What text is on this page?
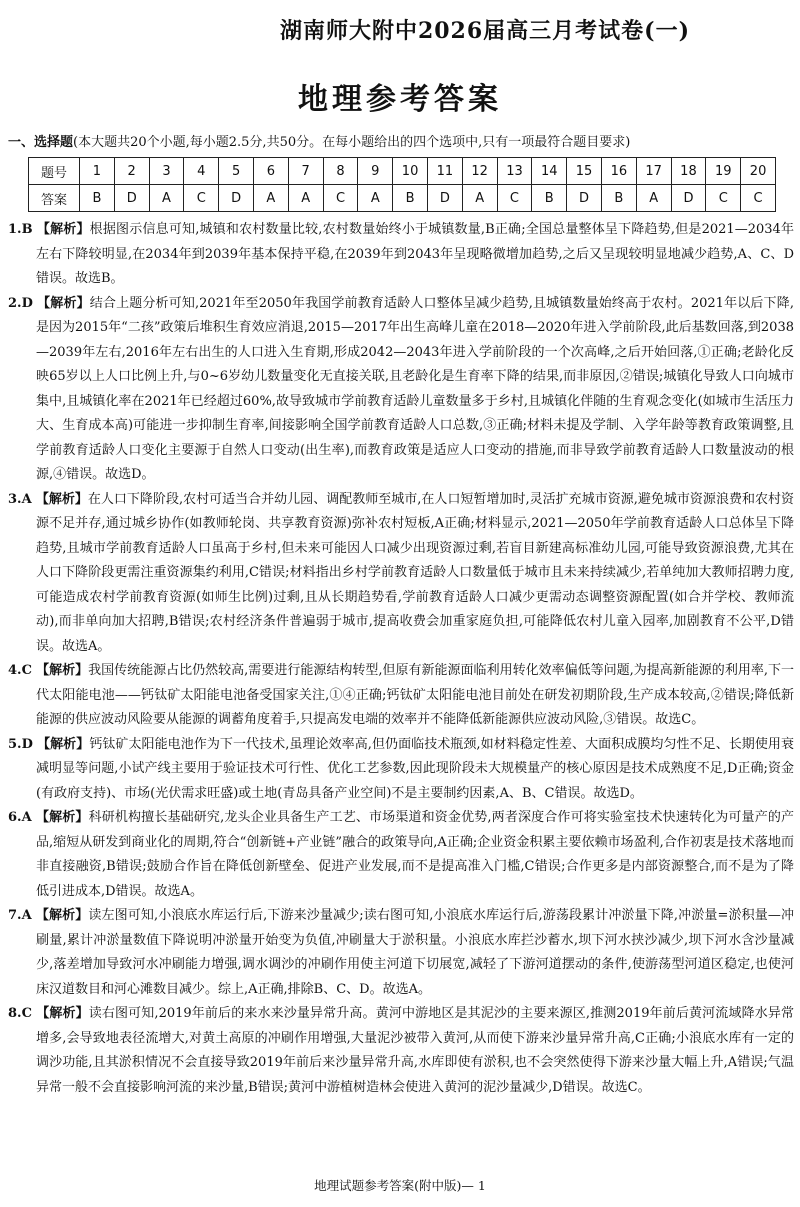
湖南师大附中2026届高三月考试卷(一)
地理参考答案
一、选择题(本大题共20个小题,每小题2.5分,共50分。在每小题给出的四个选项中,只有一项最符合题目要求)
题号	1	2	3	4	5	6	7	8	9	10	11	12	13	14	15	16	17	18	19	20
答案	B	D	A	C	D	A	A	C	A	B	D	A	C	B	D	B	A	D	C	C

1.B 【解析】根据图示信息可知,城镇和农村数量比较,农村数量始终小于城镇数量,B正确;全国总量整体呈下降趋势,但是2021—2034年左右下降较明显,在2034年到2039年基本保持平稳,在2039年到2043年呈现略微增加趋势,之后又呈现较明显地减少趋势,A、C、D错误。故选B。

2.D 【解析】结合上题分析可知,2021年至2050年我国学前教育适龄人口整体呈减少趋势,且城镇数量始终高于农村。2021年以后下降,是因为2015年“二孩”政策后堆积生育效应消退,2015—2017年出生高峰儿童在2018—2020年进入学前阶段,此后基数回落,到2038—2039年左右,2016年左右出生的人口进入生育期,形成2042—2043年进入学前阶段的一个次高峰,之后开始回落,①正确;老龄化反映65岁以上人口比例上升,与0~6岁幼儿数量变化无直接关联,且老龄化是生育率下降的结果,而非原因,②错误;城镇化导致人口向城市集中,且城镇化率在2021年已经超过60%,故导致城市学前教育适龄儿童数量多于乡村,且城镇化伴随的生育观念变化(如城市生活压力大、生育成本高)可能进一步抑制生育率,间接影响全国学前教育适龄人口总数,③正确;材料未提及学制、入学年龄等教育政策调整,且学前教育适龄人口变化主要源于自然人口变动(出生率),而教育政策是适应人口变动的措施,而非导致学前教育适龄人口数量波动的根源,④错误。故选D。

3.A 【解析】在人口下降阶段,农村可适当合并幼儿园、调配教师至城市,在人口短暂增加时,灵活扩充城市资源,避免城市资源浪费和农村资源不足并存,通过城乡协作(如教师轮岗、共享教育资源)弥补农村短板,A正确;材料显示,2021—2050年学前教育适龄人口总体呈下降趋势,且城市学前教育适龄人口虽高于乡村,但未来可能因人口减少出现资源过剩,若盲目新建高标准幼儿园,可能导致资源浪费,尤其在人口下降阶段更需注重资源集约利用,C错误;材料指出乡村学前教育适龄人口数量低于城市且未来持续减少,若单纯加大教师招聘力度,可能造成农村学前教育资源(如师生比例)过剩,且从长期趋势看,学前教育适龄人口减少更需动态调整资源配置(如合并学校、教师流动),而非单向加大招聘,B错误;农村经济条件普遍弱于城市,提高收费会加重家庭负担,可能降低农村儿童入园率,加剧教育不公平,D错误。故选A。

4.C 【解析】我国传统能源占比仍然较高,需要进行能源结构转型,但原有新能源面临利用转化效率偏低等问题,为提高新能源的利用率,下一代太阳能电池——钙钛矿太阳能电池备受国家关注,①④正确;钙钛矿太阳能电池目前处在研发初期阶段,生产成本较高,②错误;降低新能源的供应波动风险要从能源的调蓄角度着手,只提高发电端的效率并不能降低新能源供应波动风险,③错误。故选C。

5.D 【解析】钙钛矿太阳能电池作为下一代技术,虽理论效率高,但仍面临技术瓶颈,如材料稳定性差、大面积成膜均匀性不足、长期使用衰减明显等问题,小试产线主要用于验证技术可行性、优化工艺参数,因此现阶段未大规模量产的核心原因是技术成熟度不足,D正确;资金(有政府支持)、市场(光伏需求旺盛)或土地(青岛具备产业空间)不是主要制约因素,A、B、C错误。故选D。

6.A 【解析】科研机构擅长基础研究,龙头企业具备生产工艺、市场渠道和资金优势,两者深度合作可将实验室技术快速转化为可量产的产品,缩短从研发到商业化的周期,符合“创新链+产业链”融合的政策导向,A正确;企业资金积累主要依赖市场盈利,合作初衷是技术落地而非直接融资,B错误;鼓励合作旨在降低创新壁垒、促进产业发展,而不是提高准入门槛,C错误;合作更多是内部资源整合,而不是为了降低引进成本,D错误。故选A。

7.A 【解析】读左图可知,小浪底水库运行后,下游来沙量减少;读右图可知,小浪底水库运行后,游荡段累计冲淤量下降,冲淤量=淤积量—冲刷量,累计冲淤量数值下降说明冲淤量开始变为负值,冲刷量大于淤积量。小浪底水库拦沙蓄水,坝下河水挟沙减少,坝下河水含沙量减少,落差增加导致河水冲刷能力增强,调水调沙的冲刷作用使主河道下切展宽,减轻了下游河道摆动的条件,使游荡型河道区稳定,也使河床汉道数目和河心滩数目减少。综上,A正确,排除B、C、D。故选A。

8.C 【解析】读右图可知,2019年前后的来水来沙量异常升高。黄河中游地区是其泥沙的主要来源区,推测2019年前后黄河流域降水异常增多,会导致地表径流增大,对黄土高原的冲刷作用增强,大量泥沙被带入黄河,从而使下游来沙量异常升高,C正确;小浪底水库有一定的调沙功能,且其淤积情况不会直接导致2019年前后来沙量异常升高,水库即使有淤积,也不会突然使得下游来沙量大幅上升,A错误;气温异常一般不会直接影响河流的来沙量,B错误;黄河中游植树造林会使进入黄河的泥沙量减少,D错误。故选C。

地理试题参考答案(附中版)— 1
